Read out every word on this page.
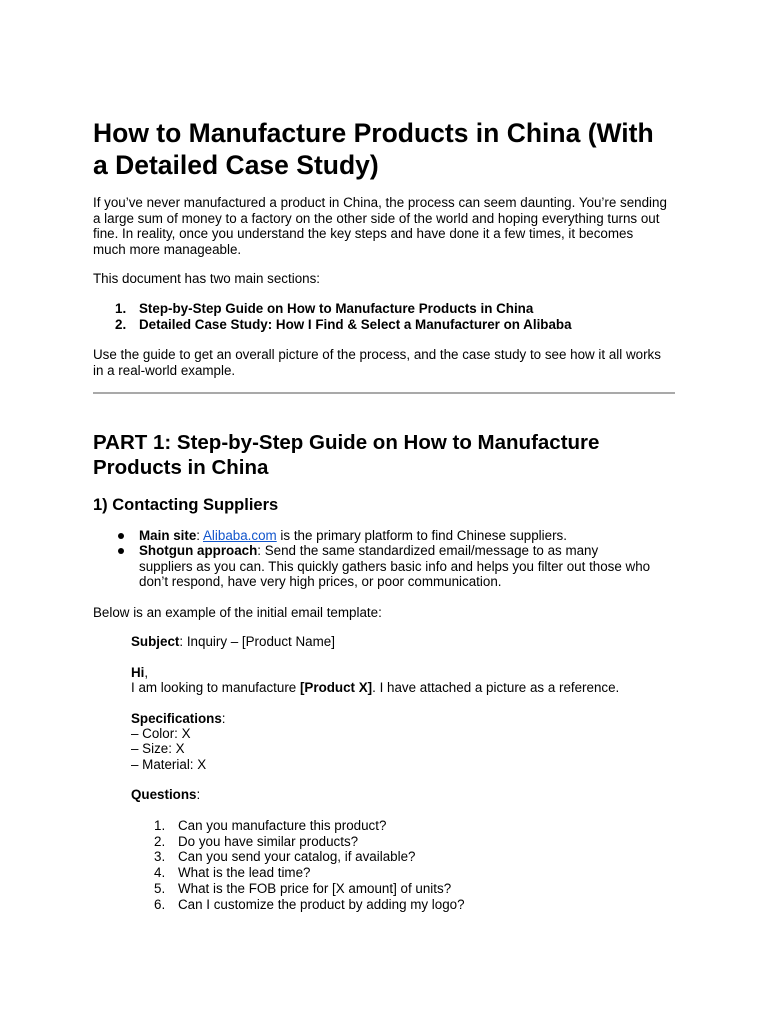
How to Manufacture Products in China (With a Detailed Case Study)

If you’ve never manufactured a product in China, the process can seem daunting. You’re sending a large sum of money to a factory on the other side of the world and hoping everything turns out fine. In reality, once you understand the key steps and have done it a few times, it becomes much more manageable.

This document has two main sections:

1. Step-by-Step Guide on How to Manufacture Products in China
2. Detailed Case Study: How I Find & Select a Manufacturer on Alibaba

Use the guide to get an overall picture of the process, and the case study to see how it all works in a real-world example.

PART 1: Step-by-Step Guide on How to Manufacture Products in China
1) Contacting Suppliers
Main site: Alibaba.com is the primary platform to find Chinese suppliers.
Shotgun approach: Send the same standardized email/message to as many suppliers as you can. This quickly gathers basic info and helps you filter out those who don’t respond, have very high prices, or poor communication.

Below is an example of the initial email template:

Subject: Inquiry – [Product Name]

Hi,

I am looking to manufacture [Product X]. I have attached a picture as a reference.

Specifications:

– Color: X

– Size: X

– Material: X

Questions:

1. Can you manufacture this product?
2. Do you have similar products?
3. Can you send your catalog, if available?
4. What is the lead time?
5. What is the FOB price for [X amount] of units?
6. Can I customize the product by adding my logo?
